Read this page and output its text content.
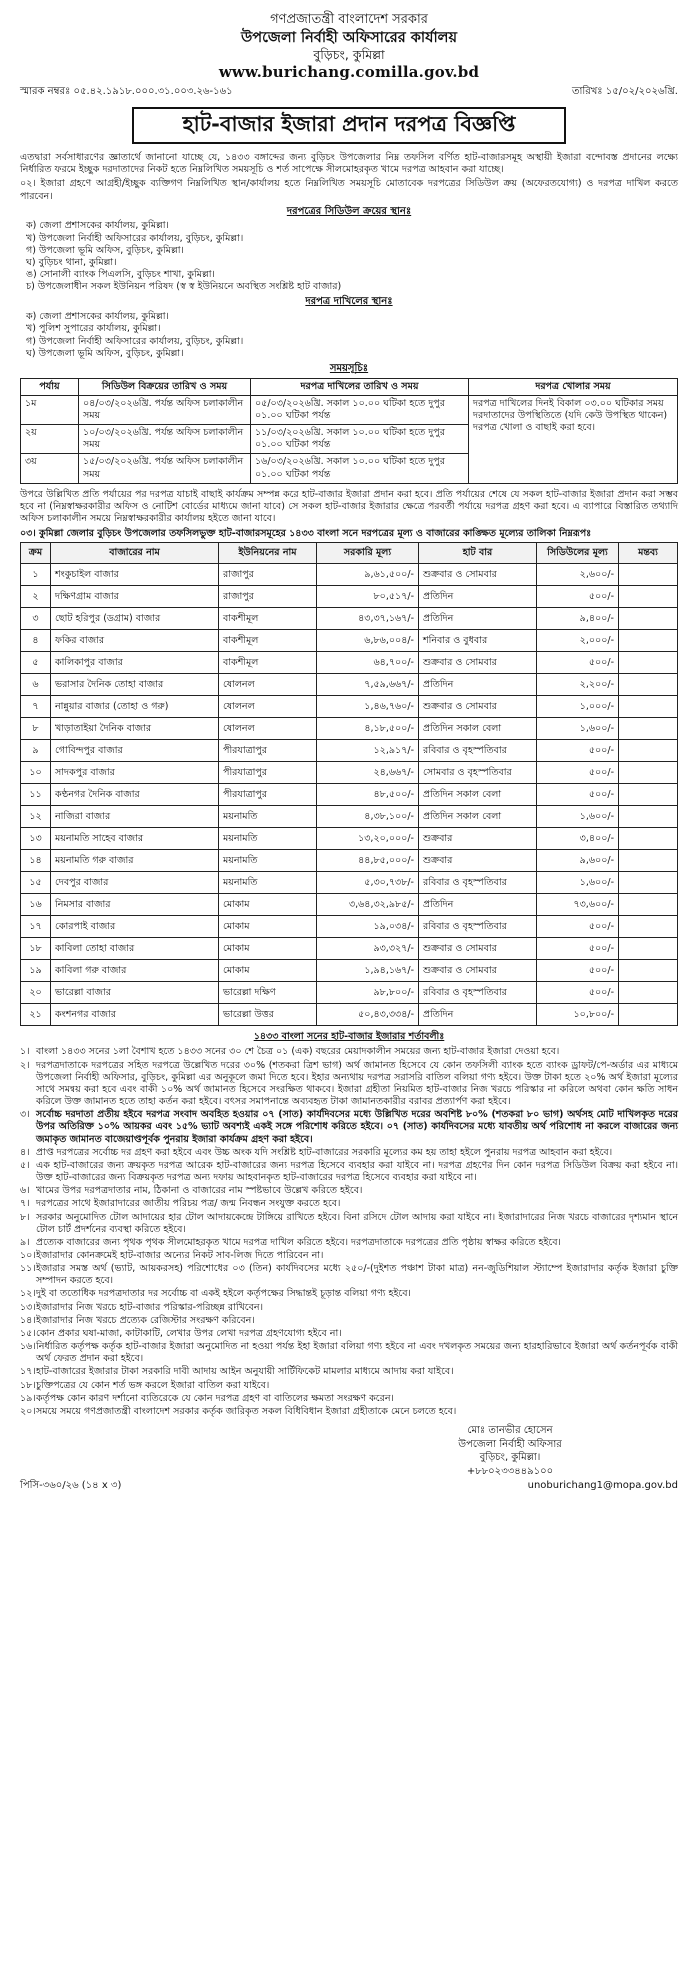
গণপ্রজাতন্ত্রী বাংলাদেশ সরকার
উপজেলা নির্বাহী অফিসারের কার্যালয়
বুড়িচং, কুমিল্লা
www.burichang.comilla.gov.bd
স্মারক নম্বরঃ ০৫.৪২.১৯১৮.০০০.৩১.০০৩.২৬-১৬১	তারিখঃ ১৫/০২/২০২৬খ্রি.
হাট-বাজার ইজারা প্রদান দরপত্র বিজ্ঞপ্তি

এতদ্বারা সর্বসাধারণের জ্ঞাতার্থে জানানো যাচ্ছে যে, ১৪৩৩ বঙ্গাব্দের জন্য বুড়িচং উপজেলার নিম্ন তফসিল বর্ণিত হাট-বাজারসমূহ অস্থায়ী ইজারা বন্দোবস্ত প্রদানের লক্ষ্যে নির্ধারিত ফরমে ইচ্ছুক দরদাতাদের নিকট হতে নিম্নলিখিত সময়সূচি ও শর্ত সাপেক্ষে সীলমোহরকৃত খামে দরপত্র আহবান করা যাচ্ছে।

০২। ইজারা গ্রহণে আগ্রহী/ইচ্ছুক ব্যক্তিগণ নিম্নলিখিত স্থান/কার্যালয় হতে নিম্নলিখিত সময়সূচি মোতাবেক দরপত্রের সিডিউল ক্রয় (অফেরতযোগ্য) ও দরপত্র দাখিল করতে পারবেন।

দরপত্রের সিডিউল ক্রয়ের স্থানঃ
ক) জেলা প্রশাসকের কার্যালয়, কুমিল্লা।
খ) উপজেলা নির্বাহী অফিসারের কার্যালয়, বুড়িচং, কুমিল্লা।
গ) উপজেলা ভূমি অফিস, বুড়িচং, কুমিল্লা।
ঘ) বুড়িচং থানা, কুমিল্লা।
ঙ) সোনালী ব্যাংক পিএলসি, বুড়িচং শাখা, কুমিল্লা।
চ) উপজেলাধীন সকল ইউনিয়ন পরিষদ (স্ব স্ব ইউনিয়নে অবস্থিত সংশ্লিষ্ট হাট বাজার)
দরপত্র দাখিলের স্থানঃ
ক) জেলা প্রশাসকের কার্যালয়, কুমিল্লা।
খ) পুলিশ সুপারের কার্যালয়, কুমিল্লা।
গ) উপজেলা নির্বাহী অফিসারের কার্যালয়, বুড়িচং, কুমিল্লা।
ঘ) উপজেলা ভূমি অফিস, বুড়িচং, কুমিল্লা।
সময়সূচিঃ
পর্যায়	সিডিউল বিক্রয়ের তারিখ ও সময়	দরপত্র দাখিলের তারিখ ও সময়	দরপত্র খোলার সময়
১ম	০৪/০৩/২০২৬খ্রি. পর্যন্ত অফিস চলাকালীন সময়	০৫/০৩/২০২৬খ্রি. সকাল ১০.০০ ঘটিকা হতে দুপুর ০১.০০ ঘটিকা পর্যন্ত	দরপত্র দাখিলের দিনই বিকাল ০৩.০০ ঘটিকার সময় দরদাতাদের উপস্থিতিতে (যদি কেউ উপস্থিত থাকেন) দরপত্র খোলা ও বাছাই করা হবে।
২য়	১০/০৩/২০২৬খ্রি. পর্যন্ত অফিস চলাকালীন সময়	১১/০৩/২০২৬খ্রি. সকাল ১০.০০ ঘটিকা হতে দুপুর ০১.০০ ঘটিকা পর্যন্ত	
৩য়	১৫/০৩/২০২৬খ্রি. পর্যন্ত অফিস চলাকালীন সময়	১৬/০৩/২০২৬খ্রি. সকাল ১০.০০ ঘটিকা হতে দুপুর ০১.০০ ঘটিকা পর্যন্ত	

উপরে উল্লিখিত প্রতি পর্যায়ের পর দরপত্র যাচাই বাছাই কার্যক্রম সম্পন্ন করে হাট-বাজার ইজারা প্রদান করা হবে। প্রতি পর্যায়ের শেষে যে সকল হাট-বাজার ইজারা প্রদান করা সম্ভব হবে না (নিম্নস্বাক্ষরকারীর অফিস ও নোটিশ বোর্ডের মাধ্যমে জানা যাবে) সে সকল হাট-বাজার ইজারার ক্ষেত্রে পরবর্তী পর্যায়ে দরপত্র গ্রহণ করা হবে। এ ব্যাপারে বিস্তারিত তথ্যাদি অফিস চলাকালীন সময়ে নিম্নস্বাক্ষরকারীর কার্যালয় হইতে জানা যাবে।

০৩। কুমিল্লা জেলার বুড়িচং উপজেলার তফসিলভুক্ত হাট-বাজারসমূহের ১৪৩৩ বাংলা সনে দরপত্রের মূল্য ও বাজারের কাঙ্ক্ষিত মূল্যের তালিকা নিম্নরূপঃ
ক্রম	বাজারের নাম	ইউনিয়নের নাম	সরকারি মূল্য	হাট বার	সিডিউলের মূল্য	মন্তব্য
১	শংকুচাইল বাজার	রাজাপুর	৯,৬১,৫০০/-	শুক্রবার ও সোমবার	২,৬০০/-	
২	দক্ষিণগ্রাম বাজার	রাজাপুর	৮০,৫১৭/-	প্রতিদিন	৫০০/-	
৩	ছোট হরিপুর (ডগ্রাম) বাজার	বাকশীমূল	৪৩,৩৭,১৬৭/-	প্রতিদিন	৯,৪০০/-	
৪	ফকির বাজার	বাকশীমূল	৬,৮৬,০০৪/-	শনিবার ও বুধবার	২,০০০/-	
৫	কালিকাপুর বাজার	বাকশীমূল	৬৪,৭০০/-	শুক্রবার ও সোমবার	৫০০/-	
৬	ভরাসার দৈনিক তোহা বাজার	ষোলনল	৭,৫৯,৬৬৭/-	প্রতিদিন	২,২০০/-	
৭	নান্নুয়ার বাজার (তোহা ও গরু)	ষোলনল	১,৪৬,৭৬০/-	শুক্রবার ও সোমবার	১,০০০/-	
৮	খাড়াতাইয়া দৈনিক বাজার	ষোলনল	৪,১৮,৫০০/-	প্রতিদিন সকাল বেলা	১,৬০০/-	
৯	গোবিন্দপুর বাজার	পীরযাত্রাপুর	১২,৯১৭/-	রবিবার ও বৃহস্পতিবার	৫০০/-	
১০	সাদকপুর বাজার	পীরযাত্রাপুর	২৪,৬৬৭/-	সোমবার ও বৃহস্পতিবার	৫০০/-	
১১	কণ্ঠনগর দৈনিক বাজার	পীরযাত্রাপুর	৪৮,৫০০/-	প্রতিদিন সকাল বেলা	৫০০/-	
১২	নাজিরা বাজার	ময়নামতি	৪,৩৮,১০০/-	প্রতিদিন সকাল বেলা	১,৬০০/-	
১৩	ময়নামতি সাহেব বাজার	ময়নামতি	১৩,২০,০০০/-	শুক্রবার	৩,৪০০/-	
১৪	ময়নামতি গরু বাজার	ময়নামতি	৪৪,৮৫,০০০/-	শুক্রবার	৯,৬০০/-	
১৫	দেবপুর বাজার	ময়নামতি	৫,৩০,৭৩৮/-	রবিবার ও বৃহস্পতিবার	১,৬০০/-	
১৬	নিমসার বাজার	মোকাম	৩,৬৪,৩২,৯৮৫/-	প্রতিদিন	৭৩,৬০০/-	
১৭	কোরপাই বাজার	মোকাম	১৯,০৩৪/-	রবিবার ও বৃহস্পতিবার	৫০০/-	
১৮	কাবিলা তোহা বাজার	মোকাম	৯৩,৩২৭/-	শুক্রবার ও সোমবার	৫০০/-	
১৯	কাবিলা গরু বাজার	মোকাম	১,৯৪,১৬৭/-	শুক্রবার ও সোমবার	৫০০/-	
২০	ভারেল্লা বাজার	ভারেল্লা দক্ষিণ	৯৮,৮০০/-	রবিবার ও বৃহস্পতিবার	৫০০/-	
২১	কংশনগর বাজার	ভারেল্লা উত্তর	৫০,৪৩,৩৩৪/-	প্রতিদিন	১০,৮০০/-	
১৪৩৩ বাংলা সনের হাট-বাজার ইজারার শর্তাবলীঃ
১। বাংলা ১৪৩৩ সনের ১লা বৈশাখ হতে ১৪৩৩ সনের ৩০ শে চৈত্র ০১ (এক) বছরের মেয়াদকালীন সময়ের জন্য হাট-বাজার ইজারা দেওয়া হবে।
২। দরপত্রদাতাকে দরপত্রের সহিত দরপত্রে উল্লেখিত দরের ৩০% (শতকরা ত্রিশ ভাগ) অর্থ জামানত হিসেবে যে কোন তফসিলী ব্যাংক হতে ব্যাংক ড্রাফট/পে-অর্ডার এর মাধ্যমে উপজেলা নির্বাহী অফিসার, বুড়িচং, কুমিল্লা এর অনুকূলে জমা দিতে হবে। ইহার অন্যথায় দরপত্র সরাসরি বাতিল বলিয়া গণ্য হইবে। উক্ত টাকা হতে ২০% অর্থ ইজারা মূল্যের সাথে সমন্বয় করা হবে এবং বাকী ১০% অর্থ জামানত হিসেবে সংরক্ষিত থাকবে। ইজারা গ্রহীতা নিয়মিত হাট-বাজার নিজ খরচে পরিস্কার না করিলে অথবা কোন ক্ষতি সাধন করিলে উক্ত জামানত হতে তাহা কর্তন করা হইবে। বৎসর সমাপনান্তে অব্যবহৃত টাকা জামানতকারীর বরাবর প্রত্যার্পণ করা হইবে।
৩। সর্বোচ্চ দরদাতা প্রতীয় হইবে দরপত্র সংবাদ অবহিত হওয়ার ০৭ (সাত) কার্যদিবসের মধ্যে উল্লিখিত দরের অবশিষ্ট ৮০% (শতকরা ৮০ ভাগ) অর্থসহ মোট দাখিলকৃত দরের উপর অতিরিক্ত ১০% আয়কর এবং ১৫% ভ্যাট অবশ্যই একই সঙ্গে পরিশোধ করিতে হইবে। ০৭ (সাত) কার্যদিবসের মধ্যে যাবতীয় অর্থ পরিশোধ না করলে বাজারের জন্য জমাকৃত জামানত বাজেয়াপ্তপূর্বক পুনরায় ইজারা কার্যক্রম গ্রহণ করা হইবে।
৪। প্রাপ্ত দরপত্রের সর্বোচ্চ দর গ্রহণ করা হইবে এবং উচ্চ অংক যদি সংশ্লিষ্ট হাট-বাজারের সরকারি মূল্যের কম হয় তাহা হইলে পুনরায় দরপত্র আহবান করা হইবে।
৫। এক হাট-বাজারের জন্য ক্রয়কৃত দরপত্র আরেক হাট-বাজারের জন্য দরপত্র হিসেবে ব্যবহার করা যাইবে না। দরপত্র গ্রহণের দিন কোন দরপত্র সিডিউল বিক্রয় করা হইবে না। উক্ত হাট-বাজারের জন্য বিক্রয়কৃত দরপত্র অন্য দফায় আহবানকৃত হাট-বাজারের দরপত্র হিসেবে ব্যবহার করা যাইবে না।
৬। খামের উপর দরপত্রদাতার নাম, ঠিকানা ও বাজারের নাম স্পষ্টভাবে উল্লেখ করিতে হইবে।
৭। দরপত্রের সাথে ইজারাদারের জাতীয় পরিচয় পত্র/ জন্ম নিবন্ধন সংযুক্ত করতে হবে।
৮। সরকার অনুমোদিত টোল আদায়ের হার টোল আদায়কেন্দ্রে টাঙ্গিয়ে রাখিতে হইবে। বিনা রসিদে টোল আদায় করা যাইবে না। ইজারাদারের নিজ খরচে বাজারের দৃশ্যমান স্থানে টোল চার্ট প্রদর্শনের ব্যবস্থা করিতে হইবে।
৯। প্রত্যেক বাজারের জন্য পৃথক পৃথক সীলমোহরকৃত খামে দরপত্র দাখিল করিতে হইবে। দরপত্রদাতাকে দরপত্রের প্রতি পৃষ্ঠায় স্বাক্ষর করিতে হইবে।
১০। ইজারাদার কোনক্রমেই হাট-বাজার অন্যের নিকট সাব-লিজ দিতে পারিবেন না।
১১। ইজারার সমস্ত অর্থ (ভ্যাট, আয়করসহ) পরিশোধের ০৩ (তিন) কার্যদিবসের মধ্যে ২৫০/-(দুইশত পঞ্চাশ টাকা মাত্র) নন-জুডিশিয়াল স্ট্যাম্পে ইজারাদার কর্তৃক ইজারা চুক্তি সম্পাদন করতে হবে।
১২। দুই বা ততোধিক দরপত্রদাতার দর সর্বোচ্চ বা একই হইলে কর্তৃপক্ষের সিদ্ধান্তই চূড়ান্ত বলিয়া গণ্য হইবে।
১৩। ইজারাদার নিজ খরচে হাট-বাজার পরিস্কার-পরিচ্ছন্ন রাখিবেন।
১৪। ইজারাদার নিজ খরচে প্রত্যেক রেজিস্টার সংরক্ষণ করিবেন।
১৫। কোন প্রকার ঘষা-মাজা, কাটাকাটি, লেখার উপর লেখা দরপত্র গ্রহণযোগ্য হইবে না।
১৬। নির্ধারিত কর্তৃপক্ষ কর্তৃক হাট-বাজার ইজারা অনুমোদিত না হওয়া পর্যন্ত ইহা ইজারা বলিয়া গণ্য হইবে না এবং দখলকৃত সময়ের জন্য হারহারিভাবে ইজারা অর্থ কর্তনপূর্বক বাকী অর্থ ফেরত প্রদান করা হইবে।
১৭। হাট-বাজারের ইজারার টাকা সরকারি দাবী আদায় আইন অনুযায়ী সার্টিফিকেট মামলার মাধ্যমে আদায় করা যাইবে।
১৮। চুক্তিপত্রের যে কোন শর্ত ভঙ্গ করলে ইজারা বাতিল করা যাইবে।
১৯। কর্তৃপক্ষ কোন কারণ দর্শানো ব্যতিরেকে যে কোন দরপত্র গ্রহণ বা বাতিলের ক্ষমতা সংরক্ষণ করেন।
২০। সময়ে সময়ে গণপ্রজাতন্ত্রী বাংলাদেশ সরকার কর্তৃক জারিকৃত সকল বিধিবিধান ইজারা গ্রহীতাকে মেনে চলতে হবে।
মোঃ তানভীর হোসেন
উপজেলা নির্বাহী অফিসার
বুড়িচং, কুমিল্লা।
+৮৮০২৩৩৪৪৯১০০
পিসি-৩৬০/২৬ (১৪ x ৩)	unoburichang1@mopa.gov.bd
